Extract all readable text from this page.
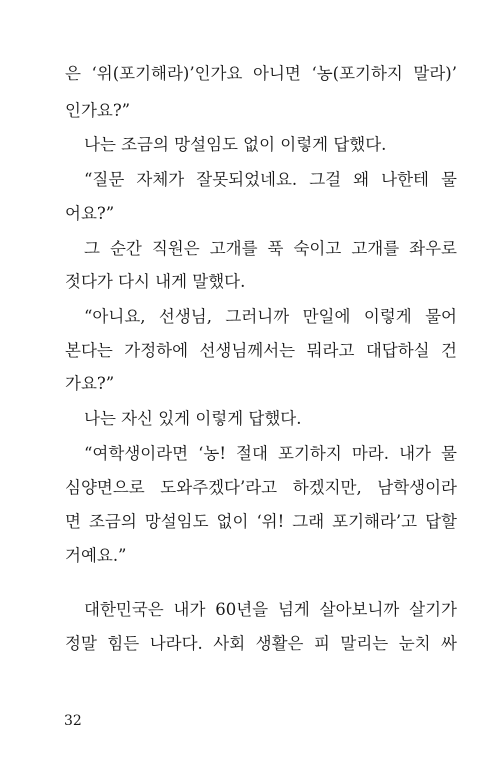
은 ‘위(포기해라)’인가요 아니면 ‘농(포기하지 말라)’
인가요?”
나는 조금의 망설임도 없이 이렇게 답했다.
“질문 자체가 잘못되었네요. 그걸 왜 나한테 물
어요?”
그 순간 직원은 고개를 푹 숙이고 고개를 좌우로
젓다가 다시 내게 말했다.
“아니요, 선생님, 그러니까 만일에 이렇게 물어
본다는 가정하에 선생님께서는 뭐라고 대답하실 건
가요?”
나는 자신 있게 이렇게 답했다.
“여학생이라면 ‘농! 절대 포기하지 마라. 내가 물
심양면으로 도와주겠다’라고 하겠지만, 남학생이라
면 조금의 망설임도 없이 ‘위! 그래 포기해라’고 답할
거예요.”
대한민국은 내가 60년을 넘게 살아보니까 살기가
정말 힘든 나라다. 사회 생활은 피 말리는 눈치 싸
32
